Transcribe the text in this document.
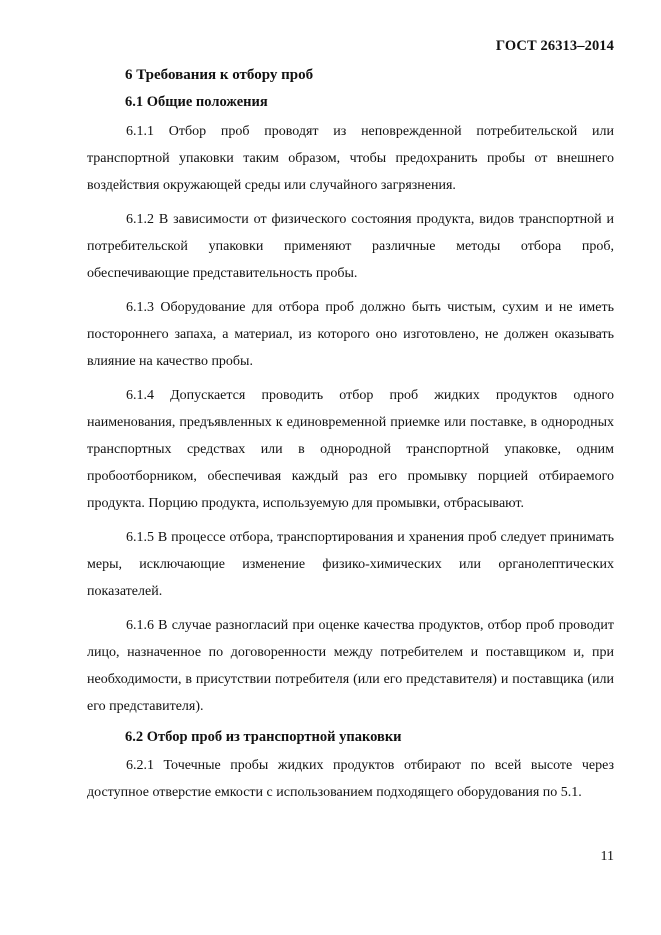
ГОСТ 26313–2014
6 Требования к отбору проб
6.1 Общие положения

6.1.1 Отбор проб проводят из неповрежденной потребительской или транспортной упаковки таким образом, чтобы предохранить пробы от внешнего воздействия окружающей среды или случайного загрязнения.

6.1.2 В зависимости от физического состояния продукта, видов транспортной и потребительской упаковки применяют различные методы отбора проб, обеспечивающие представительность пробы.

6.1.3 Оборудование для отбора проб должно быть чистым, сухим и не иметь постороннего запаха, а материал, из которого оно изготовлено, не должен оказывать влияние на качество пробы.

6.1.4 Допускается проводить отбор проб жидких продуктов одного наименования, предъявленных к единовременной приемке или поставке, в однородных транспортных средствах или в однородной транспортной упаковке, одним пробоотборником, обеспечивая каждый раз его промывку порцией отбираемого продукта. Порцию продукта, используемую для промывки, отбрасывают.

6.1.5 В процессе отбора, транспортирования и хранения проб следует принимать меры, исключающие изменение физико-химических или органолептических показателей.

6.1.6 В случае разногласий при оценке качества продуктов, отбор проб проводит лицо, назначенное по договоренности между потребителем и поставщиком и, при необходимости, в присутствии потребителя (или его представителя) и поставщика (или его представителя).

6.2 Отбор проб из транспортной упаковки

6.2.1 Точечные пробы жидких продуктов отбирают по всей высоте через доступное отверстие емкости с использованием подходящего оборудования по 5.1.

11
